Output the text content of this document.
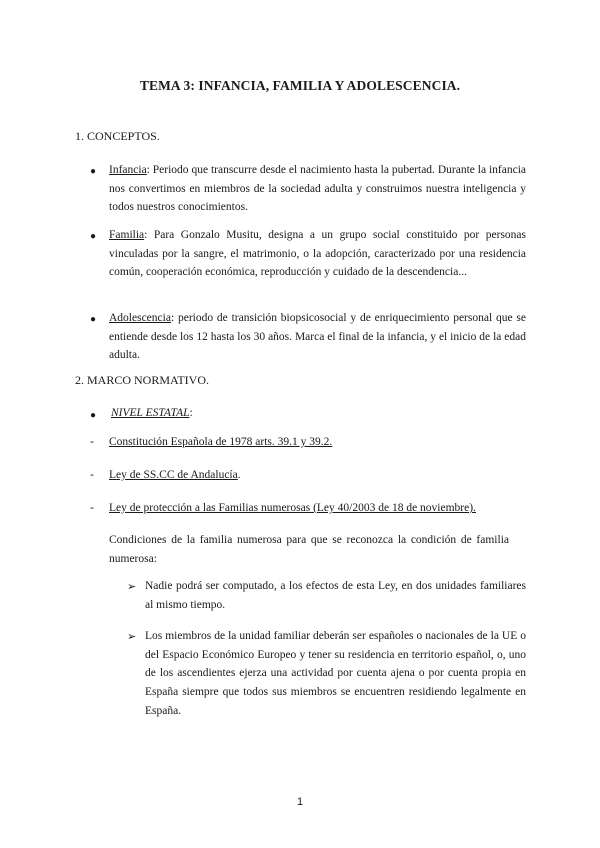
TEMA 3: INFANCIA, FAMILIA Y ADOLESCENCIA.
1. CONCEPTOS.
● Infancia: Periodo que transcurre desde el nacimiento hasta la pubertad. Durante la infancia nos convertimos en miembros de la sociedad adulta y construimos nuestra inteligencia y todos nuestros conocimientos.
● Familia: Para Gonzalo Musitu, designa a un grupo social constituido por personas vinculadas por la sangre, el matrimonio, o la adopción, caracterizado por una residencia común, cooperación económica, reproducción y cuidado de la descendencia...
● Adolescencia: periodo de transición biopsicosocial y de enriquecimiento personal que se entiende desde los 12 hasta los 30 años. Marca el final de la infancia, y el inicio de la edad adulta.
2. MARCO NORMATIVO.
● NIVEL ESTATAL:
- Constitución Española de 1978 arts. 39.1 y 39.2.
- Ley de SS.CC de Andalucía.
- Ley de protección a las Familias numerosas (Ley 40/2003 de 18 de noviembre).
Condiciones de la familia numerosa para que se reconozca la condición de familia numerosa:
➢ Nadie podrá ser computado, a los efectos de esta Ley, en dos unidades familiares al mismo tiempo.
➢ Los miembros de la unidad familiar deberán ser españoles o nacionales de la UE o del Espacio Económico Europeo y tener su residencia en territorio español, o, uno de los ascendientes ejerza una actividad por cuenta ajena o por cuenta propia en España siempre que todos sus miembros se encuentren residiendo legalmente en España.
1
